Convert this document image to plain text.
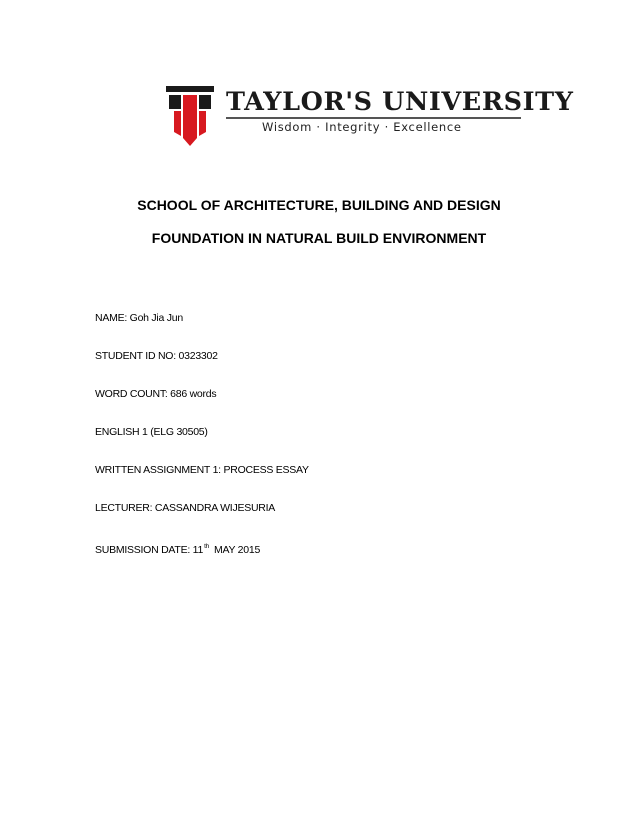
TAYLOR'S UNIVERSITY
Wisdom · Integrity · Excellence
SCHOOL OF ARCHITECTURE, BUILDING AND DESIGN
FOUNDATION IN NATURAL BUILD ENVIRONMENT
NAME: Goh Jia Jun
STUDENT ID NO: 0323302
WORD COUNT: 686 words
ENGLISH 1 (ELG 30505)
WRITTEN ASSIGNMENT 1: PROCESS ESSAY
LECTURER: CASSANDRA WIJESURIA
SUBMISSION DATE: 11th MAY 2015
